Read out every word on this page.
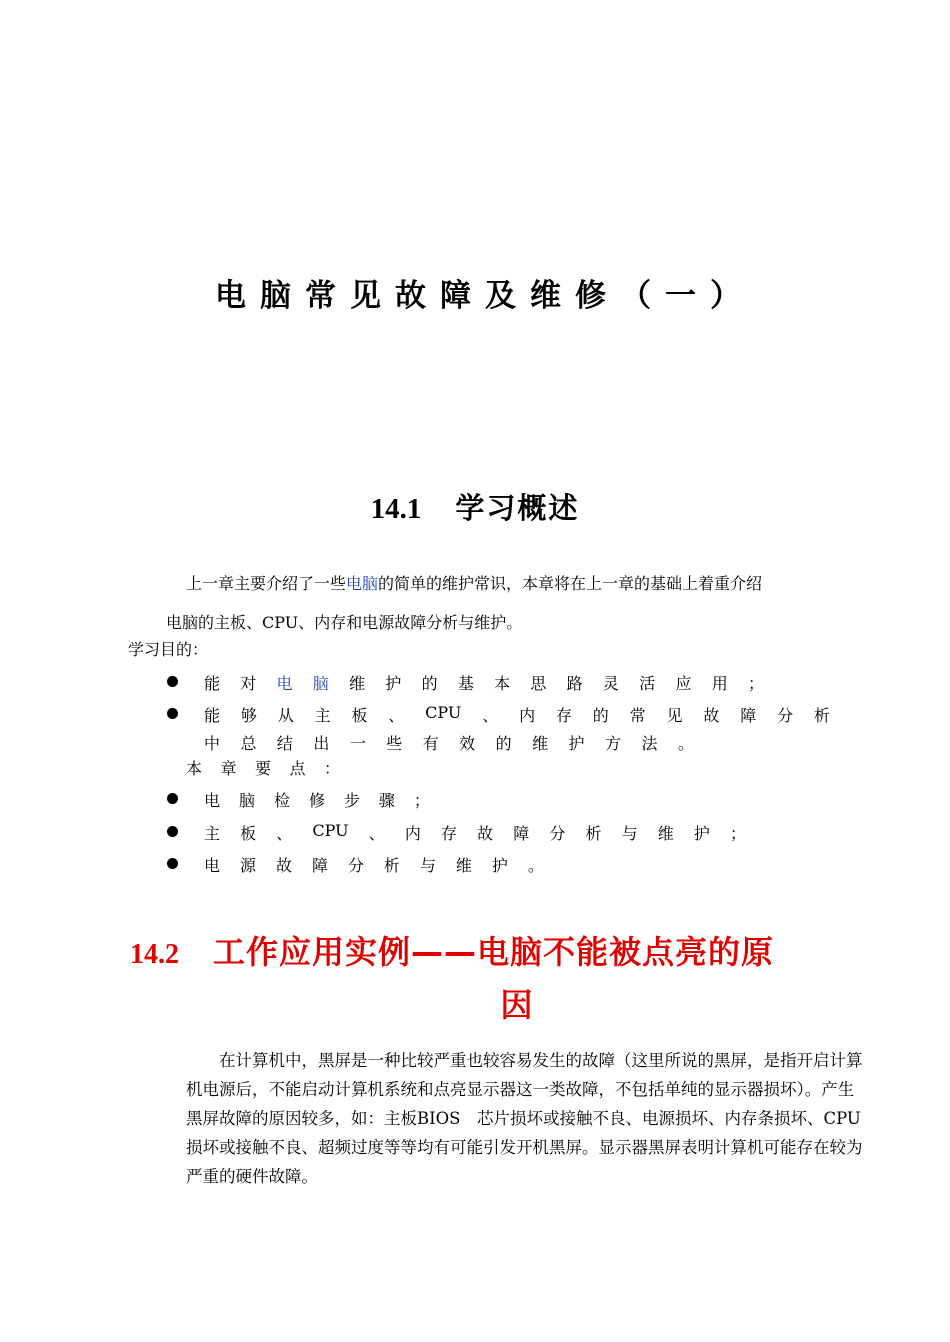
电脑常见故障及维修（一）
14.1 学习概述
上一章主要介绍了一些电脑的简单的维护常识，本章将在上一章的基础上着重介绍
电脑的主板、CPU、内存和电源故障分析与维护。
学习目的：
能 对 电 脑 维 护 的 基 本 思 路 灵 活 应 用 ；
能 够 从 主 板 、 CPU 、 内 存 的 常 见 故 障 分 析
中 总 结 出 一 些 有 效 的 维 护 方 法 。
本 章 要 点 ：
电 脑 检 修 步 骤 ；
主 板 、 CPU 、 内 存 故 障 分 析 与 维 护 ；
电 源 故 障 分 析 与 维 护 。
14.2 工作应用实例——电脑不能被点亮的原
因
在计算机中，黑屏是一种比较严重也较容易发生的故障（这里所说的黑屏，是指开启计算机电源后，不能启动计算机系统和点亮显示器这一类故障，不包括单纯的显示器损坏）。产生黑屏故障的原因较多，如：主板BIOS　芯片损坏或接触不良、电源损坏、内存条损坏、CPU损坏或接触不良、超频过度等等均有可能引发开机黑屏。显示器黑屏表明计算机可能存在较为严重的硬件故障。
